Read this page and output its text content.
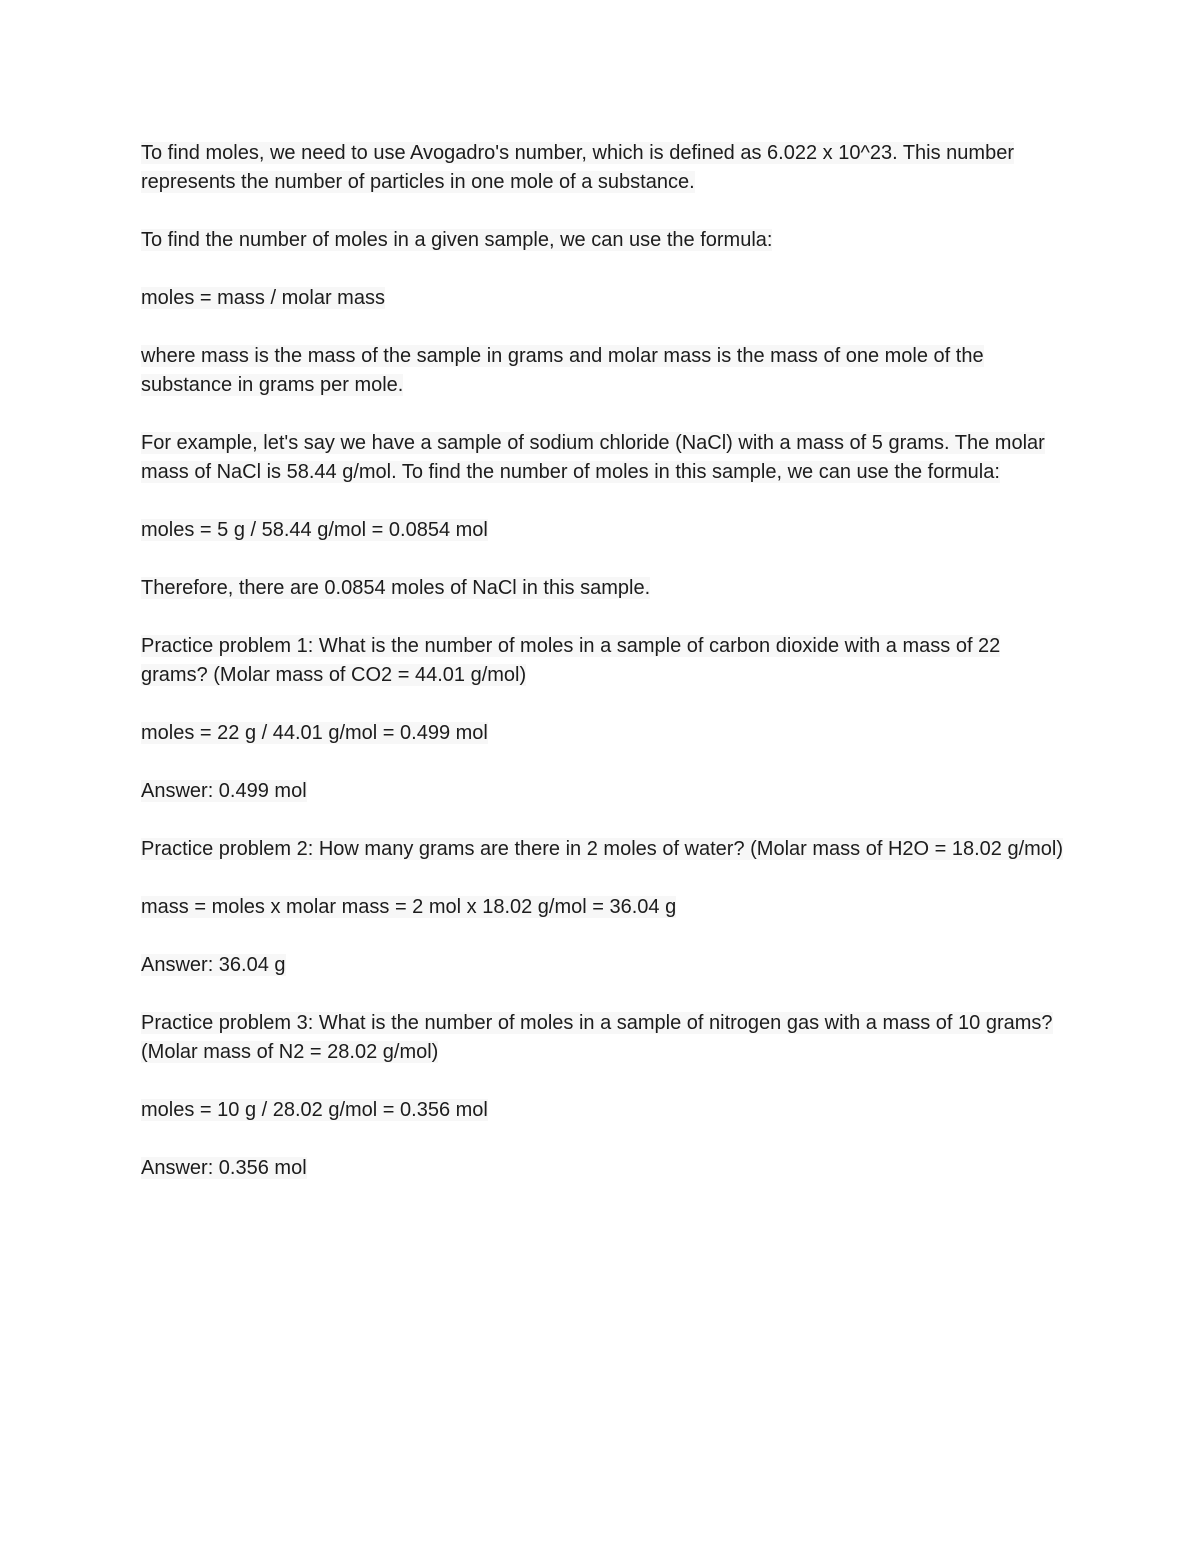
To find moles, we need to use Avogadro's number, which is defined as 6.022 x 10^23. This number represents the number of particles in one mole of a substance.

To find the number of moles in a given sample, we can use the formula:

moles = mass / molar mass

where mass is the mass of the sample in grams and molar mass is the mass of one mole of the substance in grams per mole.

For example, let's say we have a sample of sodium chloride (NaCl) with a mass of 5 grams. The molar mass of NaCl is 58.44 g/mol. To find the number of moles in this sample, we can use the formula:

moles = 5 g / 58.44 g/mol = 0.0854 mol

Therefore, there are 0.0854 moles of NaCl in this sample.

Practice problem 1: What is the number of moles in a sample of carbon dioxide with a mass of 22 grams? (Molar mass of CO2 = 44.01 g/mol)

moles = 22 g / 44.01 g/mol = 0.499 mol

Answer: 0.499 mol

Practice problem 2: How many grams are there in 2 moles of water? (Molar mass of H2O = 18.02 g/mol)

mass = moles x molar mass = 2 mol x 18.02 g/mol = 36.04 g

Answer: 36.04 g

Practice problem 3: What is the number of moles in a sample of nitrogen gas with a mass of 10 grams? (Molar mass of N2 = 28.02 g/mol)

moles = 10 g / 28.02 g/mol = 0.356 mol

Answer: 0.356 mol
